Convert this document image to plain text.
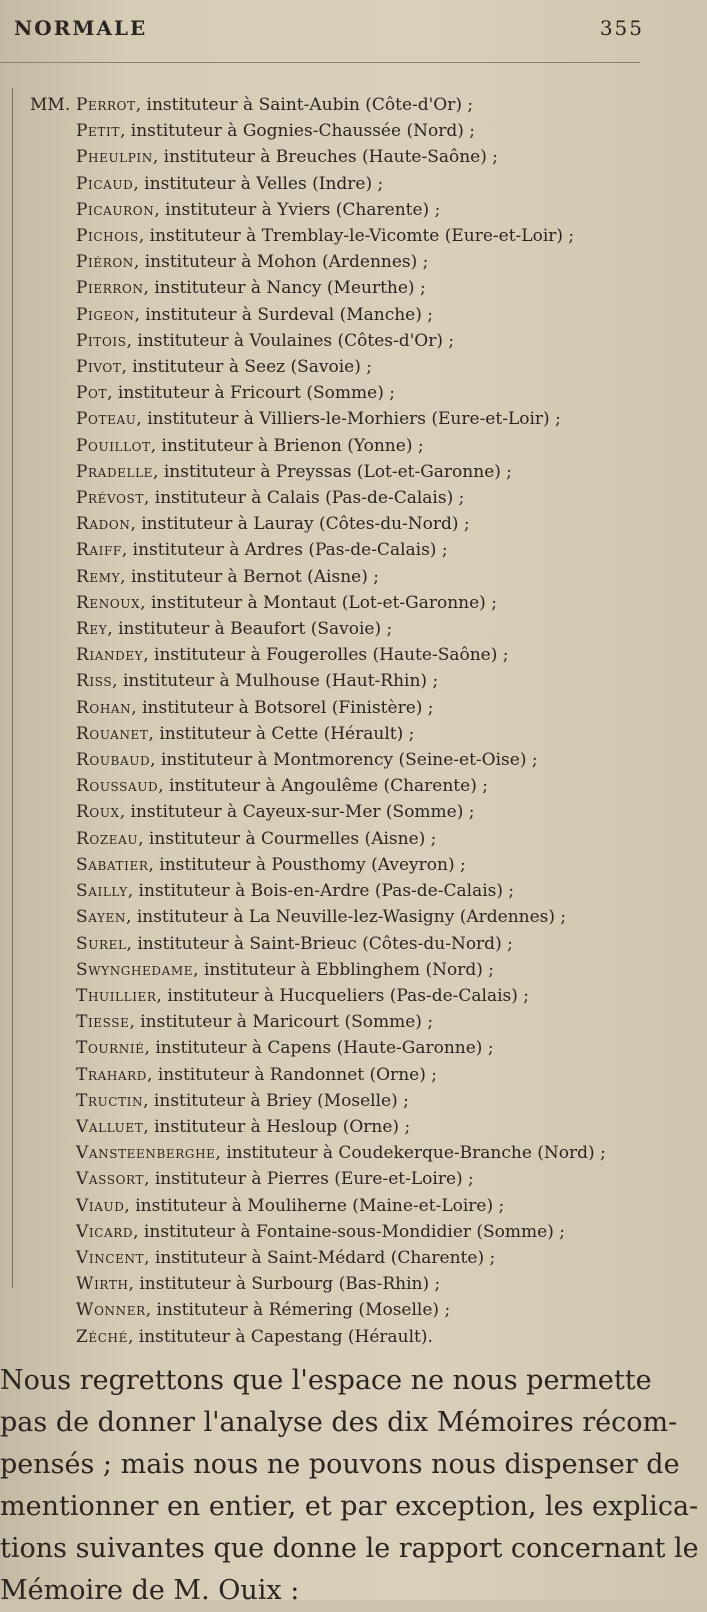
NORMALE	355
MM. Perrot, instituteur à Saint-Aubin (Côte-d'Or) ;
Petit, instituteur à Gognies-Chaussée (Nord) ;
Pheulpin, instituteur à Breuches (Haute-Saône) ;
Picaud, instituteur à Velles (Indre) ;
Picauron, instituteur à Yviers (Charente) ;
Pichois, instituteur à Tremblay-le-Vicomte (Eure-et-Loir) ;
Piéron, instituteur à Mohon (Ardennes) ;
Pierron, instituteur à Nancy (Meurthe) ;
Pigeon, instituteur à Surdeval (Manche) ;
Pitois, instituteur à Voulaines (Côtes-d'Or) ;
Pivot, instituteur à Seez (Savoie) ;
Pot, instituteur à Fricourt (Somme) ;
Poteau, instituteur à Villiers-le-Morhiers (Eure-et-Loir) ;
Pouillot, instituteur à Brienon (Yonne) ;
Pradelle, instituteur à Preyssas (Lot-et-Garonne) ;
Prévost, instituteur à Calais (Pas-de-Calais) ;
Radon, instituteur à Lauray (Côtes-du-Nord) ;
Raiff, instituteur à Ardres (Pas-de-Calais) ;
Remy, instituteur à Bernot (Aisne) ;
Renoux, instituteur à Montaut (Lot-et-Garonne) ;
Rey, instituteur à Beaufort (Savoie) ;
Riandey, instituteur à Fougerolles (Haute-Saône) ;
Riss, instituteur à Mulhouse (Haut-Rhin) ;
Rohan, instituteur à Botsorel (Finistère) ;
Rouanet, instituteur à Cette (Hérault) ;
Roubaud, instituteur à Montmorency (Seine-et-Oise) ;
Roussaud, instituteur à Angoulême (Charente) ;
Roux, instituteur à Cayeux-sur-Mer (Somme) ;
Rozeau, instituteur à Courmelles (Aisne) ;
Sabatier, instituteur à Pousthomy (Aveyron) ;
Sailly, instituteur à Bois-en-Ardre (Pas-de-Calais) ;
Sayen, instituteur à La Neuville-lez-Wasigny (Ardennes) ;
Surel, instituteur à Saint-Brieuc (Côtes-du-Nord) ;
Swynghedame, instituteur à Ebblinghem (Nord) ;
Thuillier, instituteur à Hucqueliers (Pas-de-Calais) ;
Tiesse, instituteur à Maricourt (Somme) ;
Tournié, instituteur à Capens (Haute-Garonne) ;
Trahard, instituteur à Randonnet (Orne) ;
Tructin, instituteur à Briey (Moselle) ;
Valluet, instituteur à Hesloup (Orne) ;
Vansteenberghe, instituteur à Coudekerque-Branche (Nord) ;
Vassort, instituteur à Pierres (Eure-et-Loire) ;
Viaud, instituteur à Mouliherne (Maine-et-Loire) ;
Vicard, instituteur à Fontaine-sous-Mondidier (Somme) ;
Vincent, instituteur à Saint-Médard (Charente) ;
Wirth, instituteur à Surbourg (Bas-Rhin) ;
Wonner, instituteur à Rémering (Moselle) ;
Zéché, instituteur à Capestang (Hérault).
Nous regrettons que l'espace ne nous permette
pas de donner l'analyse des dix Mémoires récom-
pensés ; mais nous ne pouvons nous dispenser de
mentionner en entier, et par exception, les explica-
tions suivantes que donne le rapport concernant le
Mémoire de M. Ouix :
